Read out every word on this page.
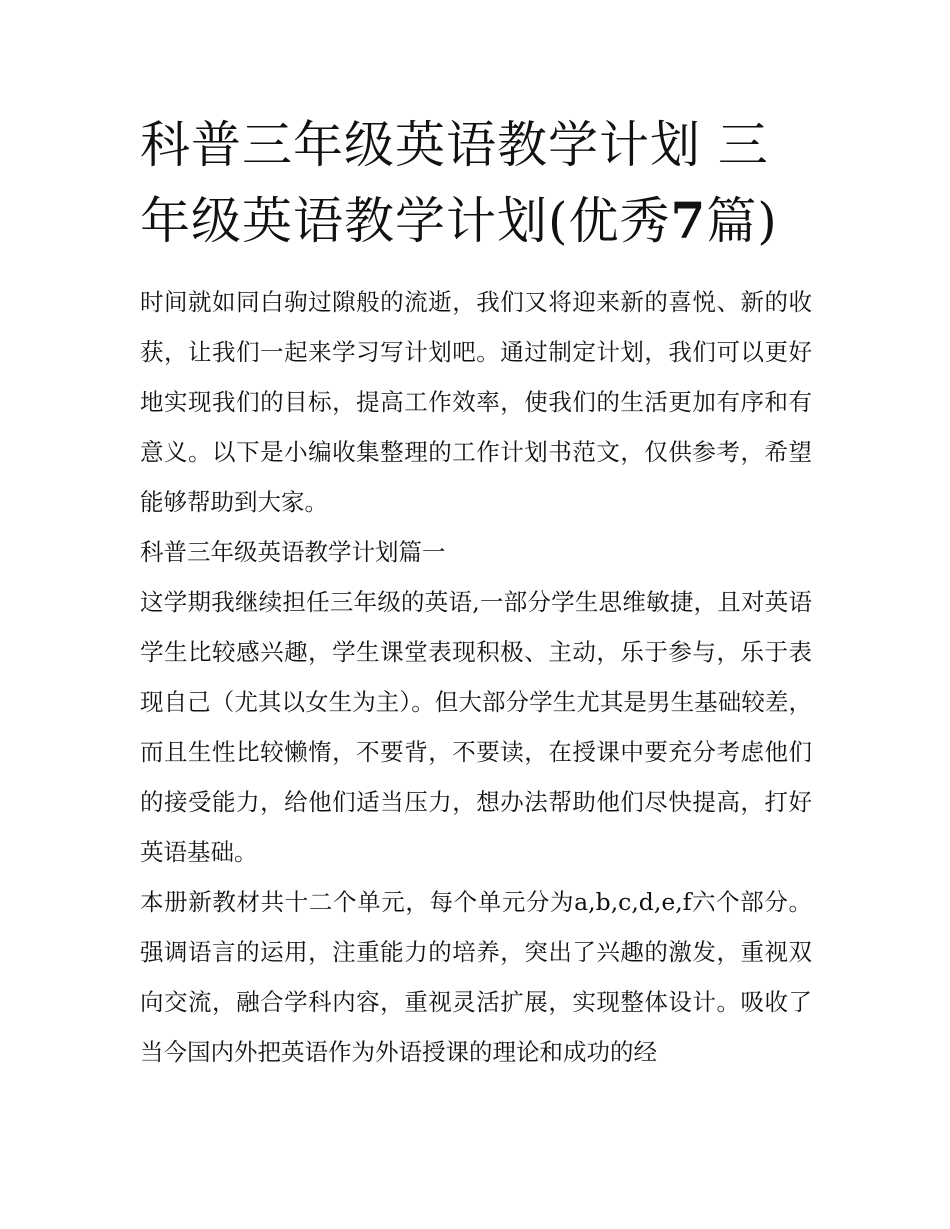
科普三年级英语教学计划 三年级英语教学计划(优秀7篇)

时间就如同白驹过隙般的流逝，我们又将迎来新的喜悦、新的收获，让我们一起来学习写计划吧。通过制定计划，我们可以更好地实现我们的目标，提高工作效率，使我们的生活更加有序和有意义。以下是小编收集整理的工作计划书范文，仅供参考，希望能够帮助到大家。

科普三年级英语教学计划篇一

这学期我继续担任三年级的英语,一部分学生思维敏捷，且对英语学生比较感兴趣，学生课堂表现积极、主动，乐于参与，乐于表现自己（尤其以女生为主）。但大部分学生尤其是男生基础较差，而且生性比较懒惰，不要背，不要读，在授课中要充分考虑他们的接受能力，给他们适当压力，想办法帮助他们尽快提高，打好英语基础。

本册新教材共十二个单元，每个单元分为a,b,c,d,e,f六个部分。强调语言的运用，注重能力的培养，突出了兴趣的激发，重视双向交流，融合学科内容，重视灵活扩展，实现整体设计。吸收了当今国内外把英语作为外语授课的理论和成功的经
